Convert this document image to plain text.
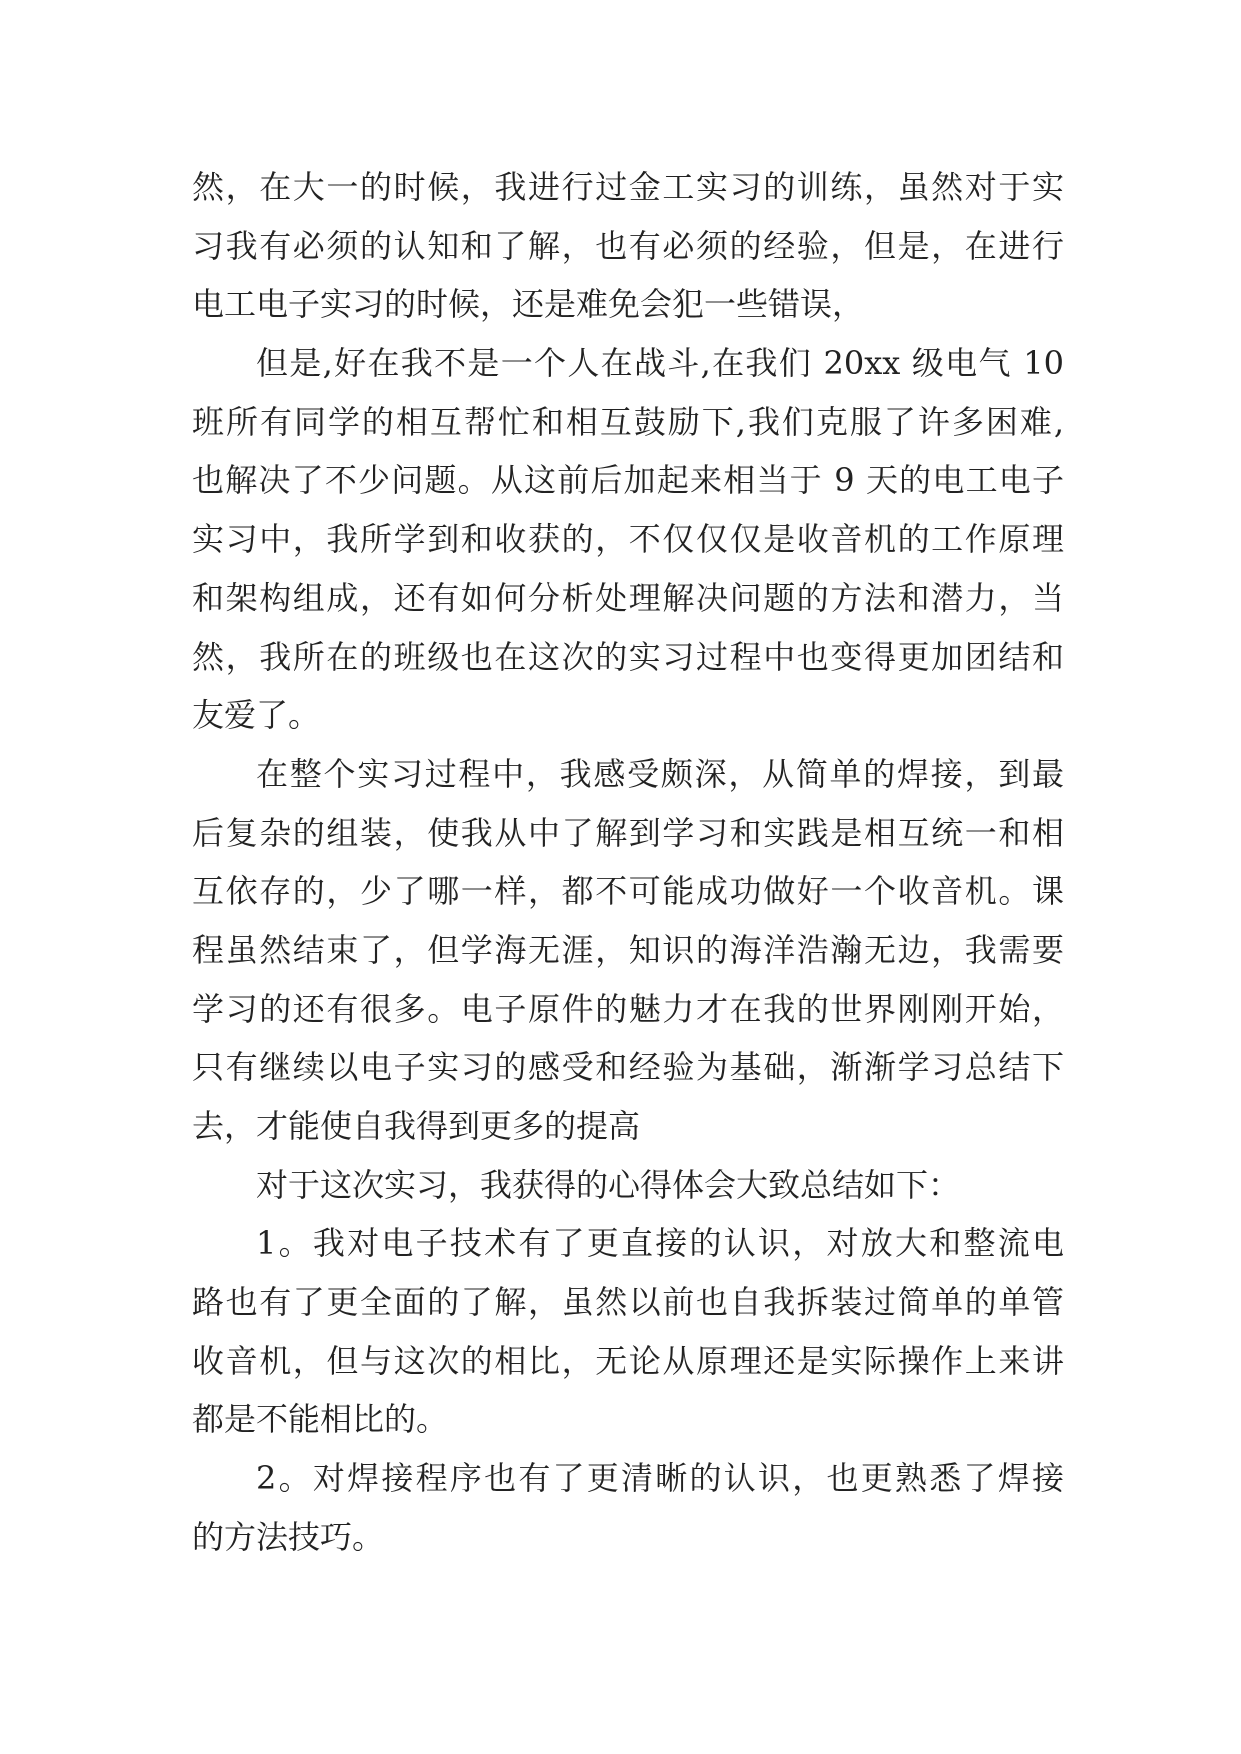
然，在大一的时候，我进行过金工实习的训练，虽然对于实
习我有必须的认知和了解，也有必须的经验，但是，在进行
电工电子实习的时候，还是难免会犯一些错误，
但是,好在我不是一个人在战斗,在我们 20xx 级电气 10
班所有同学的相互帮忙和相互鼓励下,我们克服了许多困难,
也解决了不少问题。从这前后加起来相当于 9 天的电工电子
实习中，我所学到和收获的，不仅仅仅是收音机的工作原理
和架构组成，还有如何分析处理解决问题的方法和潜力，当
然，我所在的班级也在这次的实习过程中也变得更加团结和
友爱了。
在整个实习过程中，我感受颇深，从简单的焊接，到最
后复杂的组装，使我从中了解到学习和实践是相互统一和相
互依存的，少了哪一样，都不可能成功做好一个收音机。课
程虽然结束了，但学海无涯，知识的海洋浩瀚无边，我需要
学习的还有很多。电子原件的魅力才在我的世界刚刚开始，
只有继续以电子实习的感受和经验为基础，渐渐学习总结下
去，才能使自我得到更多的提高
对于这次实习，我获得的心得体会大致总结如下：
1。我对电子技术有了更直接的认识，对放大和整流电
路也有了更全面的了解，虽然以前也自我拆装过简单的单管
收音机，但与这次的相比，无论从原理还是实际操作上来讲
都是不能相比的。
2。对焊接程序也有了更清晰的认识，也更熟悉了焊接
的方法技巧。
